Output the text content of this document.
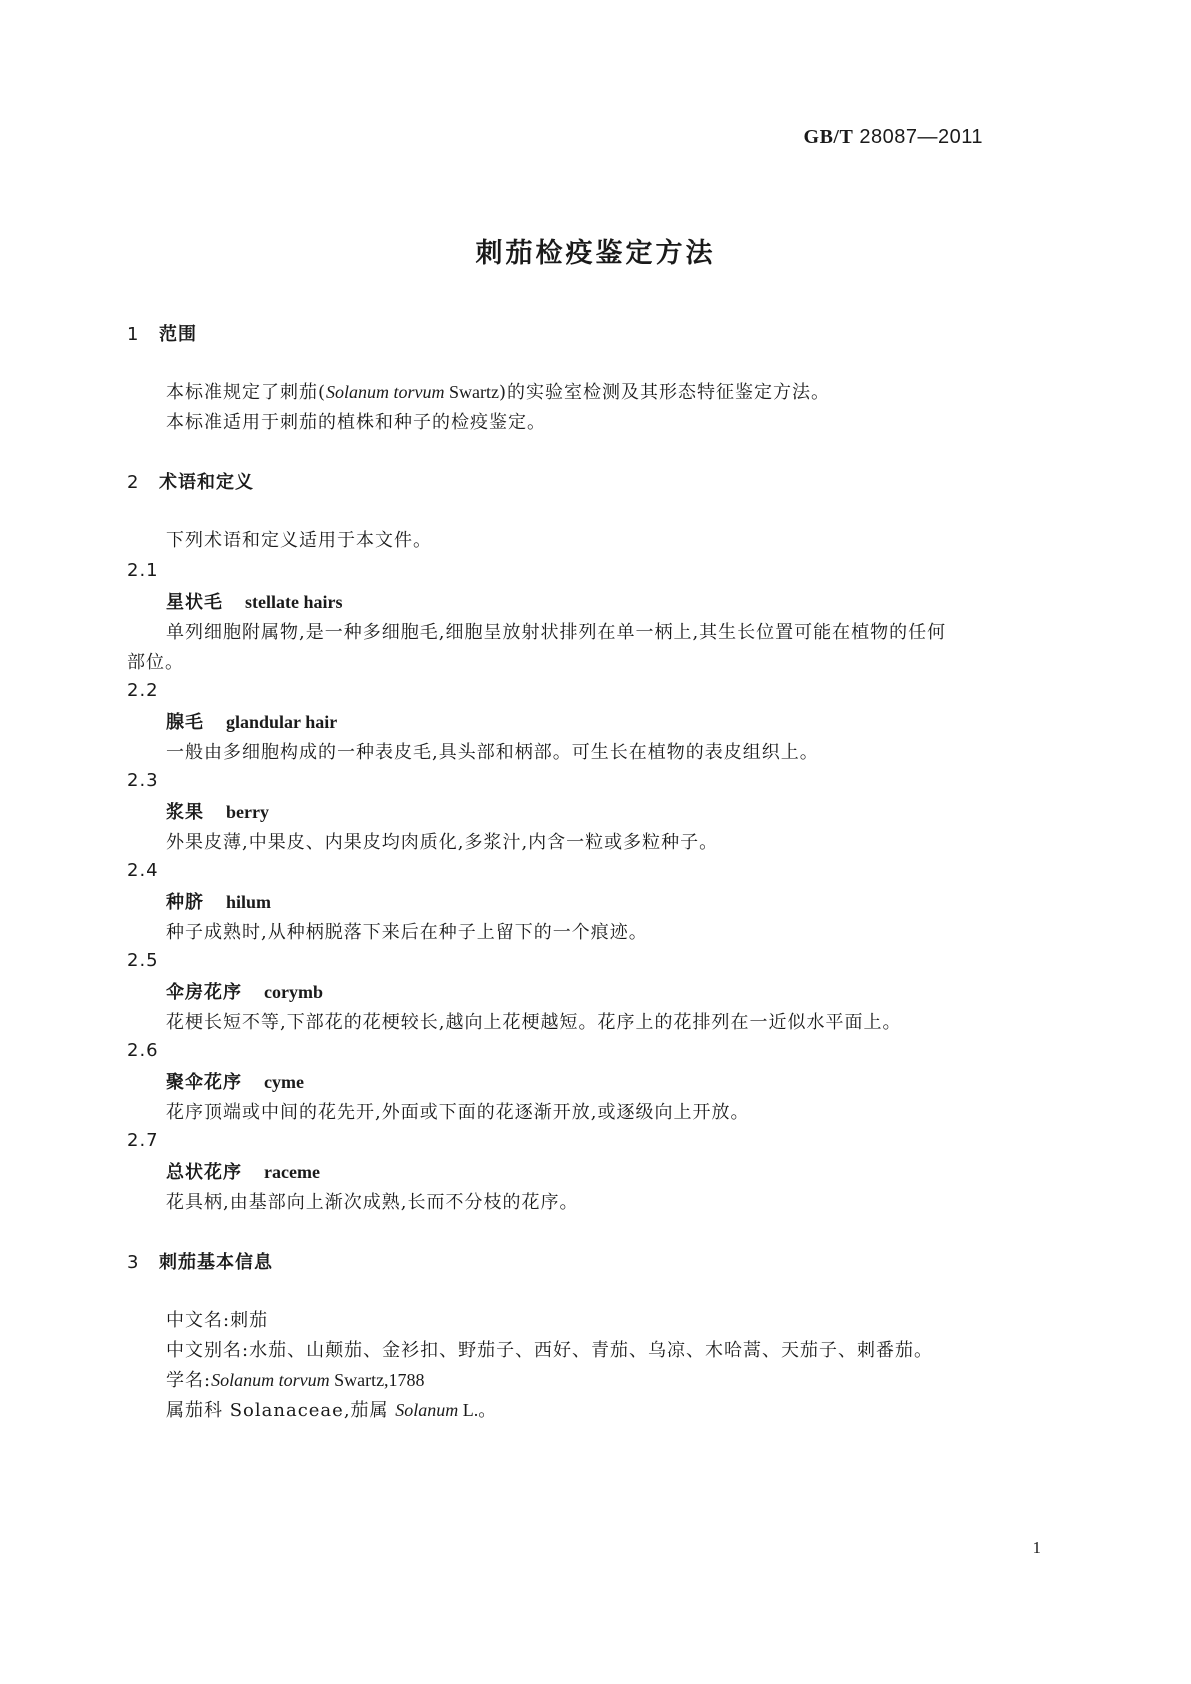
GB/T 28087—2011
刺茄检疫鉴定方法
1 范围
本标准规定了刺茄(Solanum torvum Swartz)的实验室检测及其形态特征鉴定方法。
本标准适用于刺茄的植株和种子的检疫鉴定。
2 术语和定义
下列术语和定义适用于本文件。
2.1
星状毛 stellate hairs
单列细胞附属物,是一种多细胞毛,细胞呈放射状排列在单一柄上,其生长位置可能在植物的任何
部位。
2.2
腺毛 glandular hair
一般由多细胞构成的一种表皮毛,具头部和柄部。可生长在植物的表皮组织上。
2.3
浆果 berry
外果皮薄,中果皮、内果皮均肉质化,多浆汁,内含一粒或多粒种子。
2.4
种脐 hilum
种子成熟时,从种柄脱落下来后在种子上留下的一个痕迹。
2.5
伞房花序 corymb
花梗长短不等,下部花的花梗较长,越向上花梗越短。花序上的花排列在一近似水平面上。
2.6
聚伞花序 cyme
花序顶端或中间的花先开,外面或下面的花逐渐开放,或逐级向上开放。
2.7
总状花序 raceme
花具柄,由基部向上渐次成熟,长而不分枝的花序。
3 刺茄基本信息
中文名:刺茄
中文别名:水茄、山颠茄、金衫扣、野茄子、西好、青茄、乌凉、木哈蒿、天茄子、刺番茄。
学名:Solanum torvum Swartz,1788
属茄科 Solanaceae,茄属 Solanum L.。
1
